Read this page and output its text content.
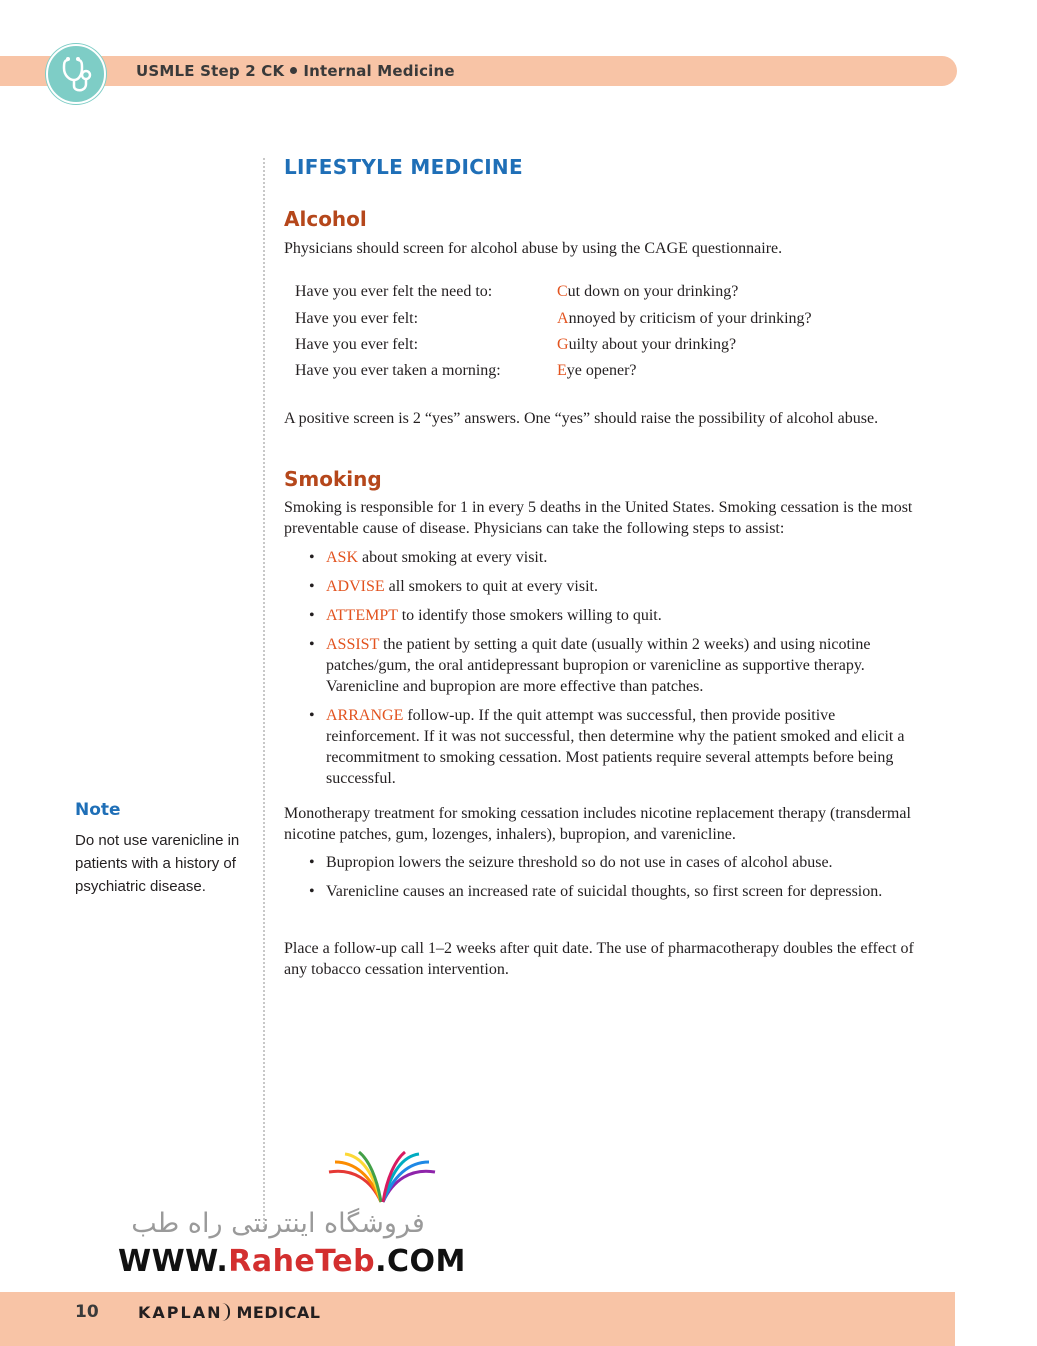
USMLE Step 2 CK Internal Medicine
LIFESTYLE MEDICINE
Alcohol
Physicians should screen for alcohol abuse by using the CAGE questionnaire.
Have you ever felt the need to:	Cut down on your drinking?
Have you ever felt:	Annoyed by criticism of your drinking?
Have you ever felt:	Guilty about your drinking?
Have you ever taken a morning:	Eye opener?
A positive screen is 2 “yes” answers. One “yes” should raise the possibility of alcohol abuse.
Smoking
Smoking is responsible for 1 in every 5 deaths in the United States. Smoking cessation is the most preventable cause of disease. Physicians can take the following steps to assist:
• ASK about smoking at every visit.
• ADVISE all smokers to quit at every visit.
• ATTEMPT to identify those smokers willing to quit.
• ASSIST the patient by setting a quit date (usually within 2 weeks) and using nicotine patches/gum, the oral antidepressant bupropion or varenicline as supportive therapy. Varenicline and bupropion are more effective than patches.
• ARRANGE follow-up. If the quit attempt was successful, then provide positive reinforcement. If it was not successful, then determine why the patient smoked and elicit a recommitment to smoking cessation. Most patients require several attempts before being successful.
Monotherapy treatment for smoking cessation includes nicotine replacement therapy (transdermal nicotine patches, gum, lozenges, inhalers), bupropion, and varenicline.
• Bupropion lowers the seizure threshold so do not use in cases of alcohol abuse.
• Varenicline causes an increased rate of suicidal thoughts, so first screen for depression.
Place a follow-up call 1–2 weeks after quit date. The use of pharmacotherapy doubles the effect of any tobacco cessation intervention.
Note
Do not use varenicline in patients with a history of psychiatric disease.
فروشگاه اینترنتی راه طب
WWW.RaheTeb.COM
10 KAPLAN MEDICAL
